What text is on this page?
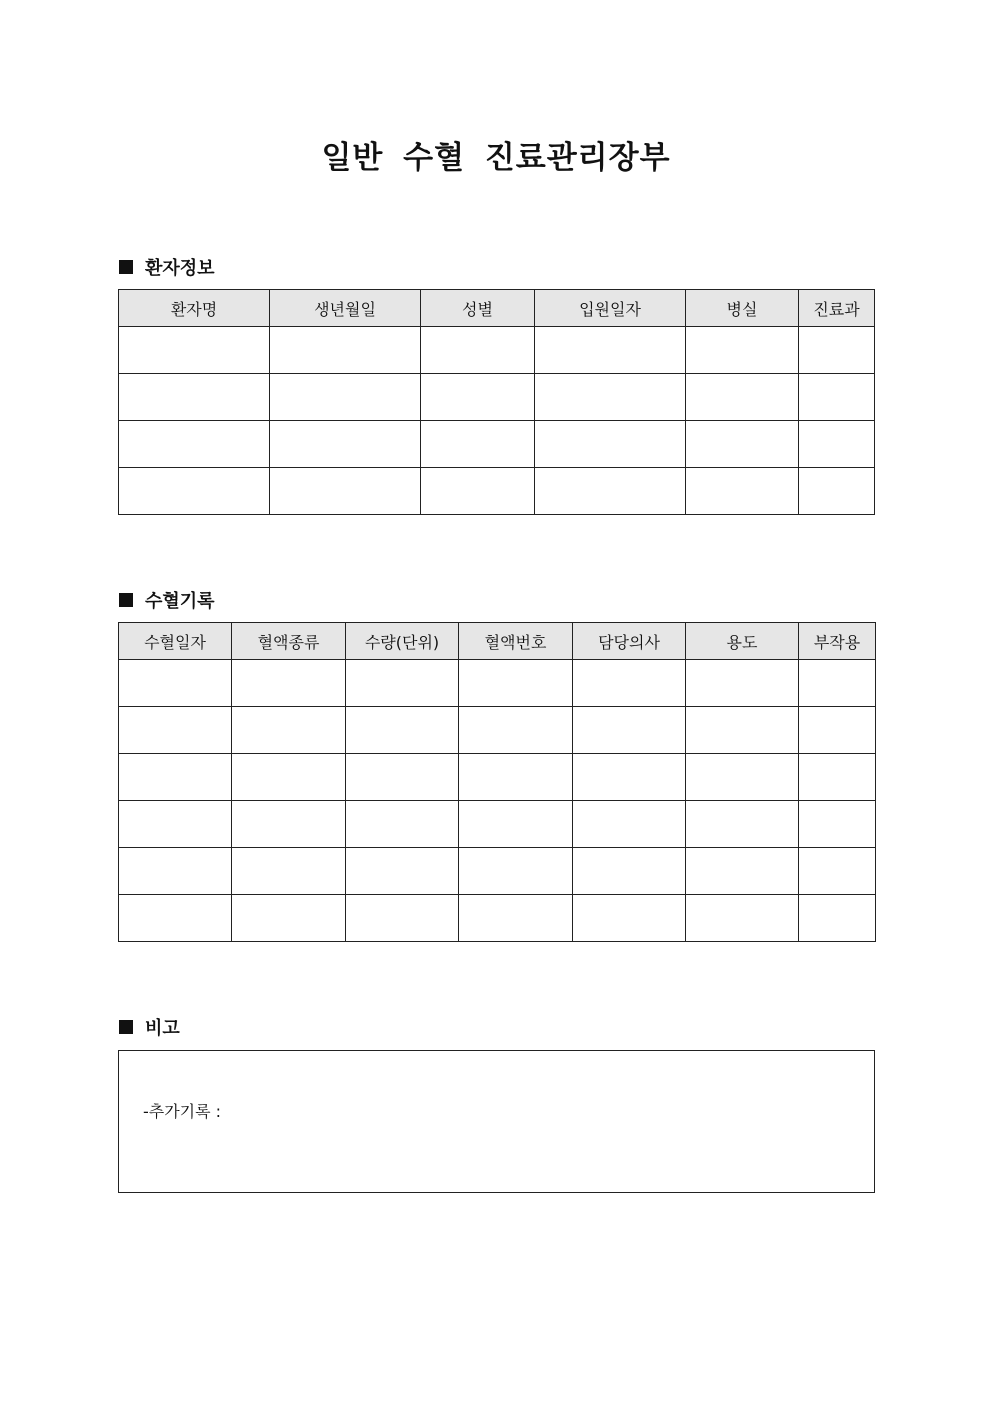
일반 수혈 진료관리장부
환자정보
환자명	생년월일	성별	입원일자	병실	진료과

수혈기록
수혈일자	혈액종류	수량(단위)	혈액번호	담당의사	용도	부작용

비고
-추가기록 :
